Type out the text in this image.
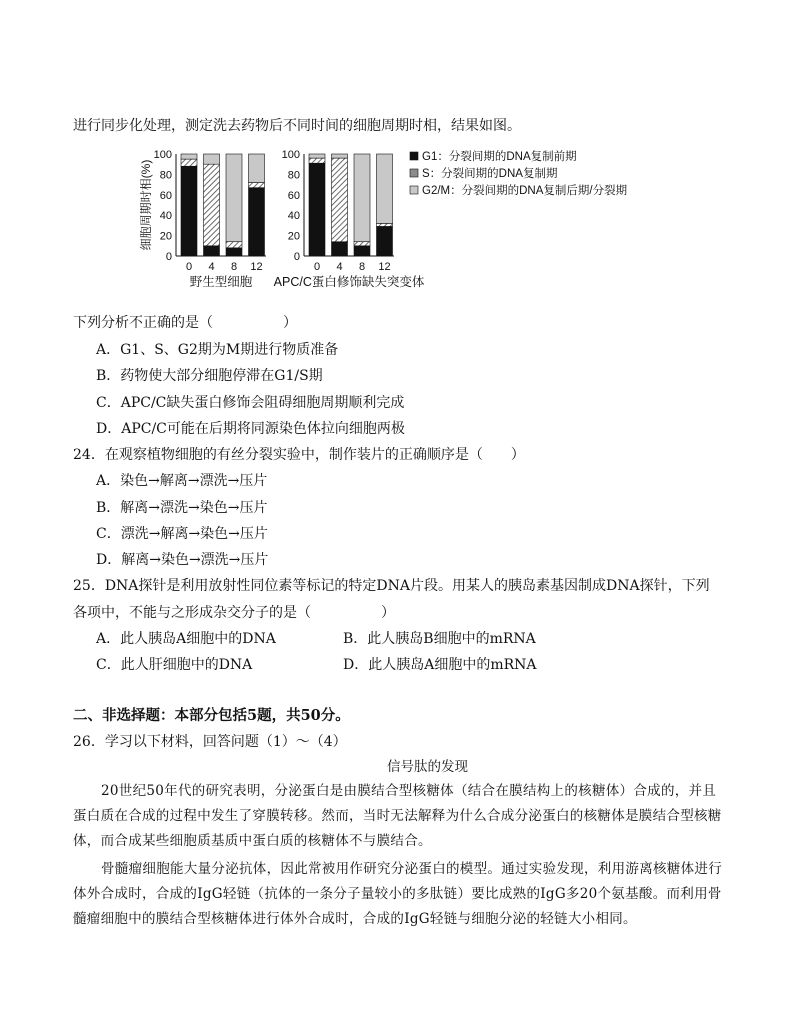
进行同步化处理，测定洗去药物后不同时间的细胞周期时相，结果如图。
0
20
40
60
80
100
0 4 8 12
野生型细胞
细胞周期时相(%)
0
20
40
60
80
100
0 4 8 12
APC/C蛋白修饰缺失突变体
G1：分裂间期的DNA复制前期
S：分裂间期的DNA复制期
G2/M：分裂间期的DNA复制后期/分裂期
下列分析不正确的是（　　　　　）
A．G1、S、G2期为M期进行物质准备
B．药物使大部分细胞停滞在G1/S期
C．APC/C缺失蛋白修饰会阻碍细胞周期顺利完成
D．APC/C可能在后期将同源染色体拉向细胞两极
24．在观察植物细胞的有丝分裂实验中，制作装片的正确顺序是（　　）
A．染色→解离→漂洗→压片
B．解离→漂洗→染色→压片
C．漂洗→解离→染色→压片
D．解离→染色→漂洗→压片
25．DNA探针是利用放射性同位素等标记的特定DNA片段。用某人的胰岛素基因制成DNA探针，下列
各项中，不能与之形成杂交分子的是（　　　　　）
A．此人胰岛A细胞中的DNA	B．此人胰岛B细胞中的mRNA
C．此人肝细胞中的DNA	D．此人胰岛A细胞中的mRNA
二、非选择题：本部分包括5题，共50分。
26．学习以下材料，回答问题（1）～（4）
信号肽的发现
20世纪50年代的研究表明，分泌蛋白是由膜结合型核糖体（结合在膜结构上的核糖体）合成的，并且蛋白质在合成的过程中发生了穿膜转移。然而，当时无法解释为什么合成分泌蛋白的核糖体是膜结合型核糖体，而合成某些细胞质基质中蛋白质的核糖体不与膜结合。
骨髓瘤细胞能大量分泌抗体，因此常被用作研究分泌蛋白的模型。通过实验发现，利用游离核糖体进行体外合成时，合成的IgG轻链（抗体的一条分子量较小的多肽链）要比成熟的IgG多20个氨基酸。而利用骨髓瘤细胞中的膜结合型核糖体进行体外合成时，合成的IgG轻链与细胞分泌的轻链大小相同。
